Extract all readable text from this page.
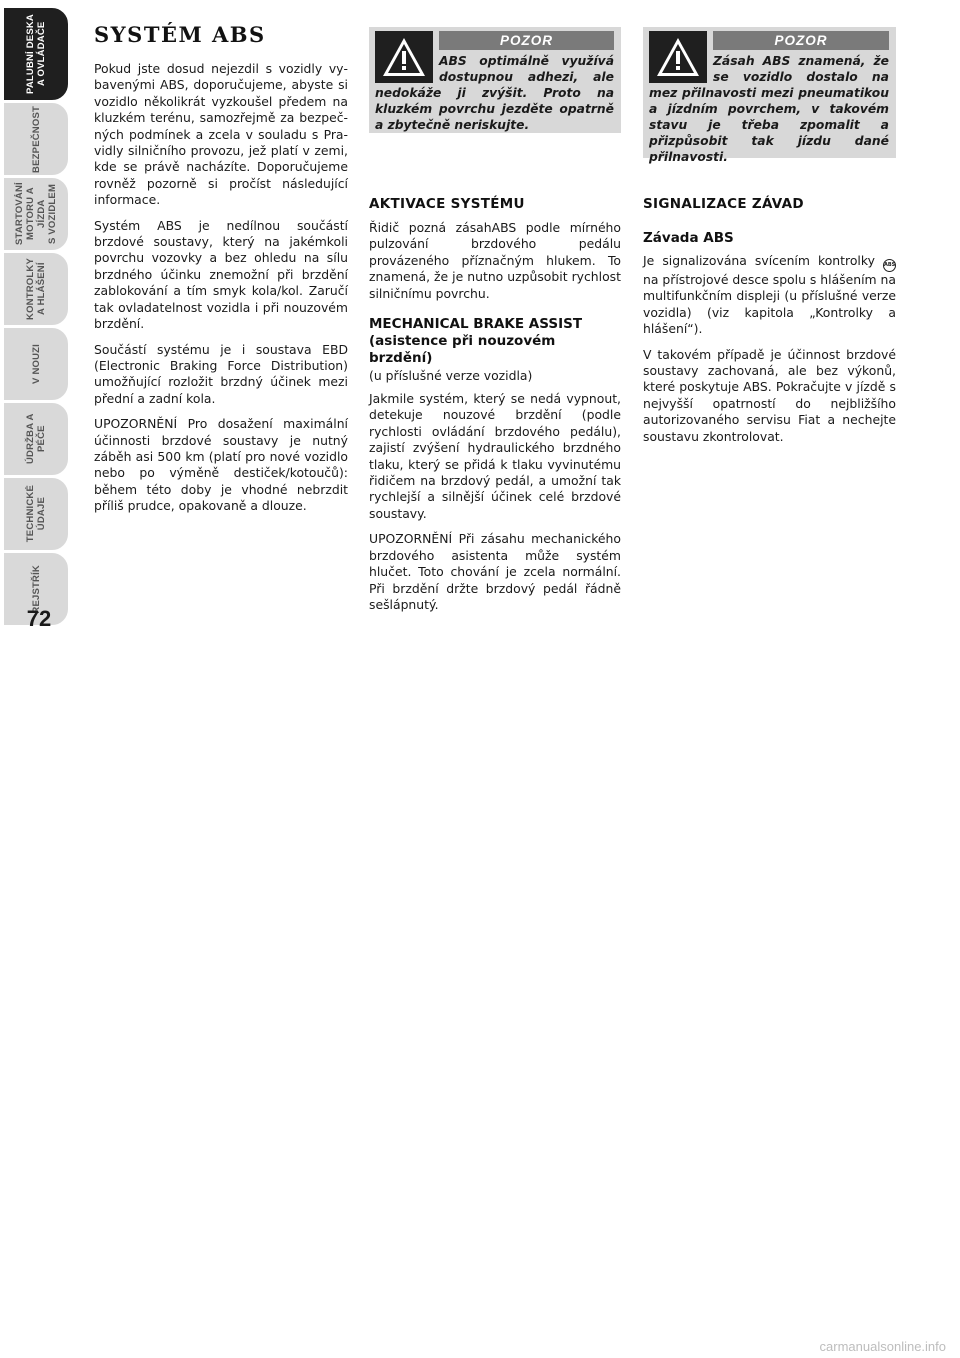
PALUBNÍ DESKA
A OVLÁDAČE
BEZPEČNOST
STARTOVÁNÍ
MOTORU A JÍZDA
S VOZIDLEM
KONTROLKY
A HLÁŠENÍ
V NOUZI
ÚDRŽBA A PÉČE
TECHNICKÉ
ÚDAJE
REJSTŘÍK
72
SYSTÉM ABS

Pokud jste dosud nejezdil s vozidly vybavenými ABS, doporučujeme, abyste si vozidlo několikrát vyzkoušel předem na kluzkém terénu, samozřejmě za bezpečných podmínek a zcela v souladu s Pravidly silničního provozu, jež platí v zemi, kde se právě nacházíte. Doporučujeme rovněž pozorně si pročíst následující informace.

Systém ABS je nedílnou součástí brzdové soustavy, který na jakémkoli povrchu vozovky a bez ohledu na sílu brzdného účinku znemožní při brzdění zablokování a tím smyk kola/kol. Zaručí tak ovladatelnost vozidla i při nouzovém brzdění.

Součástí systému je i soustava EBD (Electronic Braking Force Distribution) umožňující rozložit brzdný účinek mezi přední a zadní kola.

UPOZORNĚNÍ Pro dosažení maximální účinnosti brzdové soustavy je nutný záběh asi 500 km (platí pro nové vozidlo nebo po výměně destiček/kotoučů): během této doby je vhodné nebrzdit příliš prudce, opakovaně a dlouze.

POZOR

ABS optimálně využívá dostupnou adhezi, ale nedokáže ji zvýšit. Proto na kluzkém povrchu jezděte opatrně a zbytečně neriskujte.

POZOR

Zásah ABS znamená, že se vozidlo dostalo na mez přilnavosti mezi pneumatikou a jízdním povrchem, v takovém stavu je třeba zpomalit a přizpůsobit tak jízdu dané přilnavosti.

AKTIVACE SYSTÉMU

Řidič pozná zásahABS podle mírného pulzování brzdového pedálu provázeného příznačným hlukem. To znamená, že je nutno uzpůsobit rychlost silničnímu povrchu.

MECHANICAL BRAKE ASSIST (asistence při nouzovém brzdění)
(u příslušné verze vozidla)

Jakmile systém, který se nedá vypnout, detekuje nouzové brzdění (podle rychlosti ovládání brzdového pedálu), zajistí zvýšení hydraulického brzdného tlaku, který se přidá k tlaku vyvinutému řidičem na brzdový pedál, a umožní tak rychlejší a silnější účinek celé brzdové soustavy.

UPOZORNĚNÍ Při zásahu mechanického brzdového asistenta může systém hlučet. Toto chování je zcela normální. Při brzdění držte brzdový pedál řádně sešlápnutý.

SIGNALIZACE ZÁVAD
Závada ABS

Je signalizována svícením kontrolky ABS na přístrojové desce spolu s hlášením na multifunkčním displeji (u příslušné verze vozidla) (viz kapitola „Kontrolky a hlášení“).

V takovém případě je účinnost brzdové soustavy zachovaná, ale bez výkonů, které poskytuje ABS. Pokračujte v jízdě s nejvyšší opatrností do nejbližšího autorizovaného servisu Fiat a nechejte soustavu zkontrolovat.

carmanualsonline.info
